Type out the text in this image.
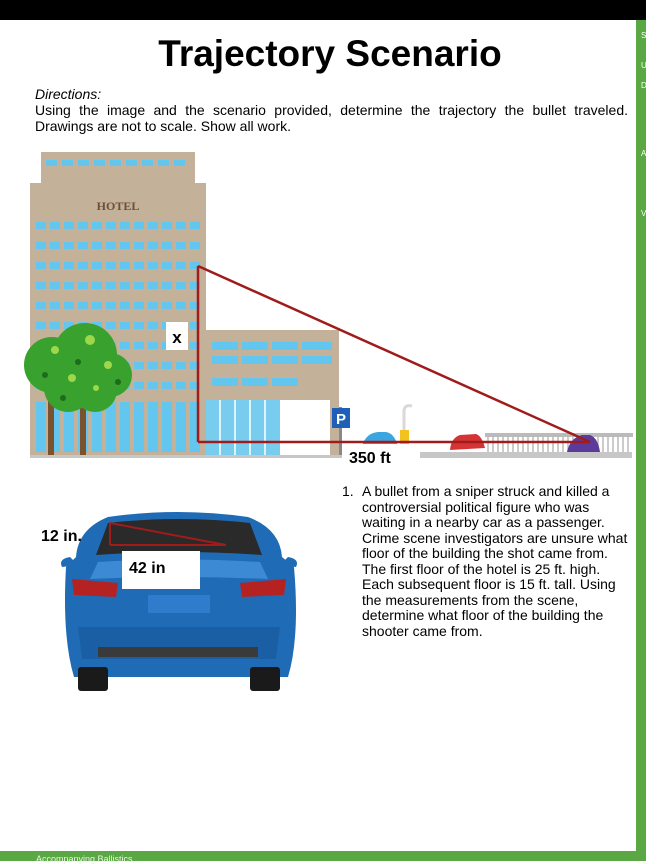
S
U
D
A
V
Trajectory Scenario
Directions:
Using the image and the scenario provided, determine the trajectory the bullet traveled. Drawings are not to scale. Show all work.
HOTEL
P
x
350 ft
12 in.
42 in
1. A bullet from a sniper struck and killed a controversial political figure who was waiting in a nearby car as a passenger. Crime scene investigators are unsure what floor of the building the shot came from. The first floor of the hotel is 25 ft. high. Each subsequent floor is 15 ft. tall. Using the measurements from the scene, determine what floor of the building the shooter came from.
Accompanying Ballistics
